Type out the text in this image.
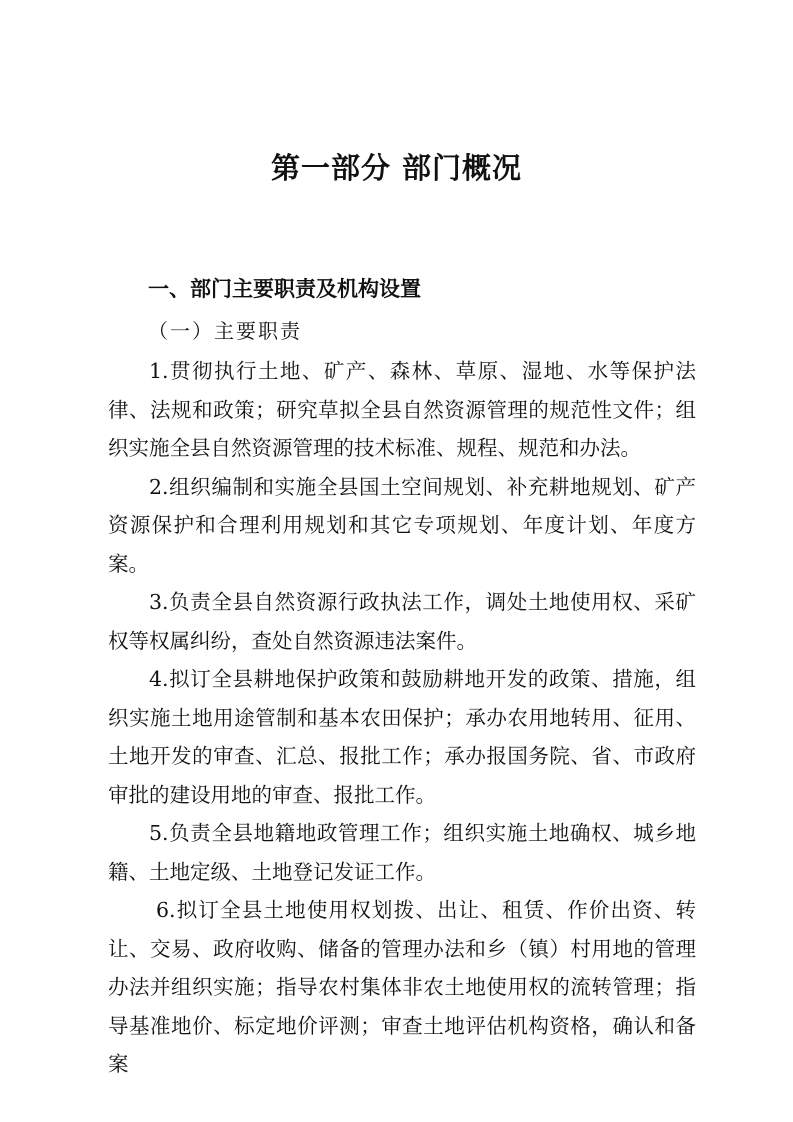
第一部分 部门概况
一、部门主要职责及机构设置
（一）主要职责

1.贯彻执行土地、矿产、森林、草原、湿地、水等保护法律、法规和政策；研究草拟全县自然资源管理的规范性文件；组织实施全县自然资源管理的技术标准、规程、规范和办法。

2.组织编制和实施全县国土空间规划、补充耕地规划、矿产资源保护和合理利用规划和其它专项规划、年度计划、年度方案。

3.负责全县自然资源行政执法工作，调处土地使用权、采矿权等权属纠纷，查处自然资源违法案件。

4.拟订全县耕地保护政策和鼓励耕地开发的政策、措施，组织实施土地用途管制和基本农田保护；承办农用地转用、征用、土地开发的审查、汇总、报批工作；承办报国务院、省、市政府审批的建设用地的审查、报批工作。

5.负责全县地籍地政管理工作；组织实施土地确权、城乡地籍、土地定级、土地登记发证工作。

6.拟订全县土地使用权划拨、出让、租赁、作价出资、转让、交易、政府收购、储备的管理办法和乡（镇）村用地的管理办法并组织实施；指导农村集体非农土地使用权的流转管理；指导基准地价、标定地价评测；审查土地评估机构资格，确认和备案
